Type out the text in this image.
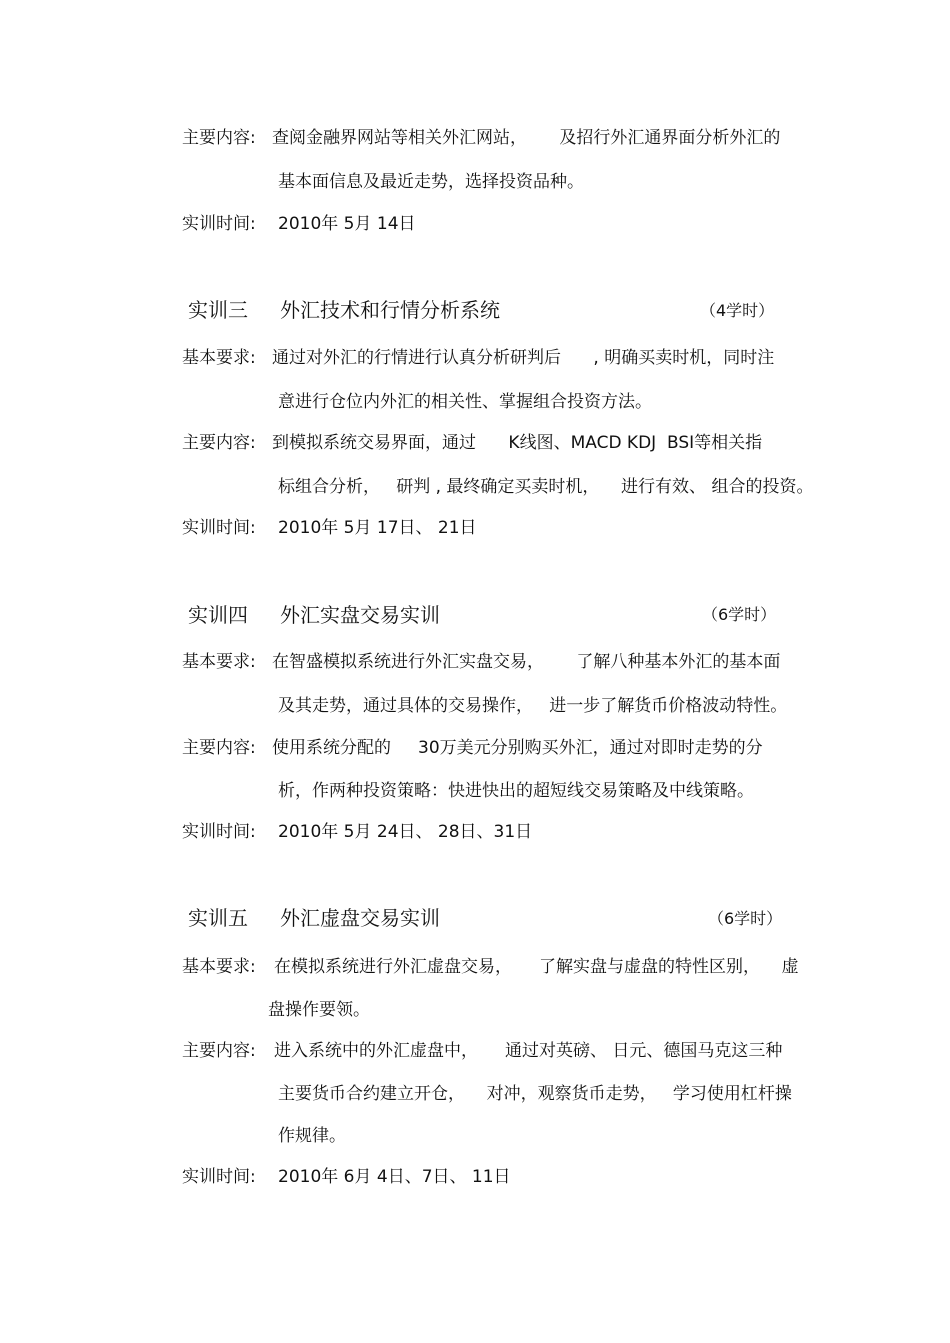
主要内容: 查阅金融界网站等相关外汇网站，      及招行外汇通界面分析外汇的
基本面信息及最近走势，选择投资品种。
实训时间: 2010年 5月 14日
实训三 外汇技术和行情分析系统	（4学时）
基本要求: 通过对外汇的行情进行认真分析研判后      , 明确买卖时机，同时注
意进行仓位内外汇的相关性、掌握组合投资方法。
主要内容: 到模拟系统交易界面，通过      K线图、MACD KDJ  BSI等相关指
标组合分析，   研判 , 最终确定买卖时机，    进行有效、 组合的投资。
实训时间: 2010年 5月 17日、 21日
实训四 外汇实盘交易实训	（6学时）
基本要求: 在智盛模拟系统进行外汇实盘交易，      了解八种基本外汇的基本面
及其走势，通过具体的交易操作，   进一步了解货币价格波动特性。
主要内容: 使用系统分配的     30万美元分别购买外汇，通过对即时走势的分
析，作两种投资策略：快进快出的超短线交易策略及中线策略。
实训时间: 2010年 5月 24日、 28日、31日
实训五 外汇虚盘交易实训	（6学时）
基本要求: 在模拟系统进行外汇虚盘交易，     了解实盘与虚盘的特性区别，    虚
盘操作要领。
主要内容: 进入系统中的外汇虚盘中，     通过对英磅、 日元、德国马克这三种
主要货币合约建立开仓，    对冲，观察货币走势，   学习使用杠杆操
作规律。
实训时间: 2010年 6月 4日、7日、 11日
